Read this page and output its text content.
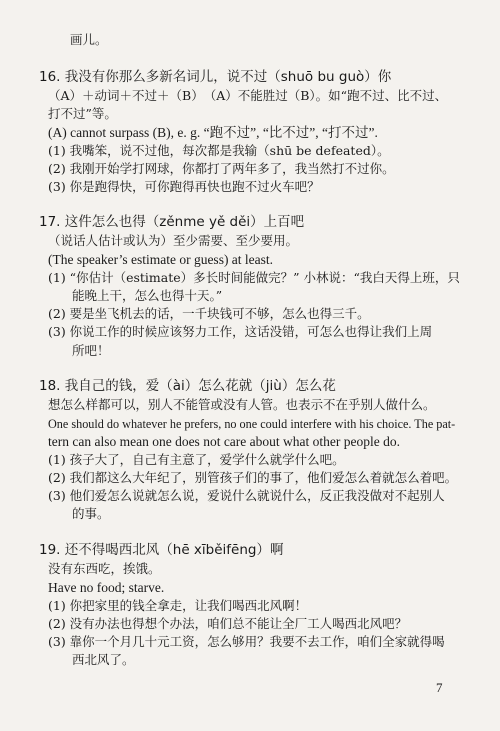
画儿。
16. 我没有你那么多新名词儿，说不过（shuō bu guò）你
（A）＋动词＋不过＋（B）　（A）不能胜过（B）。如“跑不过、比不过、
打不过”等。
(A) cannot surpass (B), e. g. “跑不过”, “比不过”, “打不过”.
(1) 我嘴笨，说不过他，每次都是我输（shū be defeated）。
(2) 我刚开始学打网球，你都打了两年多了，我当然打不过你。
(3) 你是跑得快，可你跑得再快也跑不过火车吧？
17. 这件怎么也得（zěnme yě děi）上百吧
（说话人估计或认为）至少需要、至少要用。
(The speaker’s estimate or guess) at least.
(1) “你估计（estimate）多长时间能做完？” 小林说：“我白天得上班，只
能晚上干，怎么也得十天。”
(2) 要是坐飞机去的话，一千块钱可不够，怎么也得三千。
(3) 你说工作的时候应该努力工作，这话没错，可怎么也得让我们上周
所吧！
18. 我自己的钱，爱（ài）怎么花就（jiù）怎么花
想怎么样都可以，别人不能管或没有人管。也表示不在乎别人做什么。
One should do whatever he prefers, no one could interfere with his choice. The pat-
tern can also mean one does not care about what other people do.
(1) 孩子大了，自己有主意了，爱学什么就学什么吧。
(2) 我们都这么大年纪了，别管孩子们的事了，他们爱怎么着就怎么着吧。
(3) 他们爱怎么说就怎么说，爱说什么就说什么，反正我没做对不起别人
的事。
19. 还不得喝西北风（hē xīběifēng）啊
没有东西吃，挨饿。
Have no food; starve.
(1) 你把家里的钱全拿走，让我们喝西北风啊！
(2) 没有办法也得想个办法，咱们总不能让全厂工人喝西北风吧？
(3) 靠你一个月几十元工资，怎么够用？我要不去工作，咱们全家就得喝
西北风了。
7
